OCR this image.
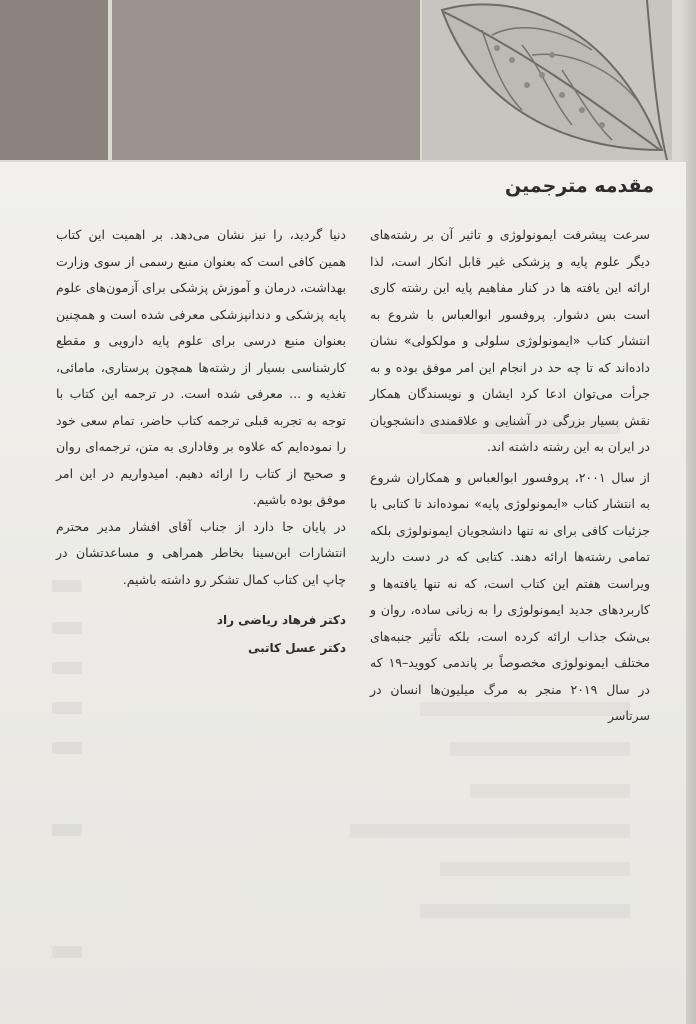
مقدمه مترجمین

سرعت پیشرفت ایمونولوژی و تاثیر آن بر رشته‌های دیگر علوم پایه و پزشکی غیر قابل انکار است، لذا ارائه این یافته ها در کنار مفاهیم پایه این رشته کاری است بس دشوار. پروفسور ابوالعباس با شروع به انتشار کتاب «ایمونولوژی سلولی و مولکولی» نشان داده‌اند که تا چه حد در انجام این امر موفق بوده و به جرأت می‌توان ادعا کرد ایشان و نویسندگان همکار نقش بسیار بزرگی در آشنایی و علاقمندی دانشجویان در ایران به این رشته داشته اند.

از سال ۲۰۰۱، پروفسور ابوالعباس و همکاران شروع به انتشار کتاب «ایمونولوژی پایه» نموده‌اند تا کتابی با جزئیات کافی برای نه تنها دانشجویان ایمونولوژی بلکه تمامی رشته‌ها ارائه دهند. کتابی که در دست دارید ویراست هفتم این کتاب است، که نه تنها یافته‌ها و کاربردهای جدید ایمونولوژی را به زبانی ساده، روان و بی‌شک جذاب ارائه کرده است، بلکه تأثیر جنبه‌های مختلف ایمونولوژی مخصوصاً بر پاندمی کووید–۱۹ که در سال ۲۰۱۹ منجر به مرگ میلیون‌ها انسان در سرتاسر

دنیا گردید، را نیز نشان می‌دهد. بر اهمیت این کتاب همین کافی است که بعنوان منبع رسمی از سوی وزارت بهداشت، درمان و آموزش پزشکی برای آزمون‌های علوم پایه پزشکی و دندانپزشکی معرفی شده است و همچنین بعنوان منبع درسی برای علوم پایه دارویی و مقطع کارشناسی بسیار از رشته‌ها همچون پرستاری، مامائی، تغذیه و ... معرفی شده است. در ترجمه این کتاب با توجه به تجربه قبلی ترجمه کتاب حاضر، تمام سعی خود را نموده‌ایم که علاوه بر وفاداری به متن، ترجمه‌ای روان و صحیح از کتاب را ارائه دهیم. امیدواریم در این امر موفق بوده باشیم.

در پایان جا دارد از جناب آقای افشار مدیر محترم انتشارات ابن‌سینا بخاطر همراهی و مساعدتشان در چاپ این کتاب کمال تشکر رو داشته باشیم.

دکتر فرهاد ریاضی راد
دکتر عسل کاتبی
